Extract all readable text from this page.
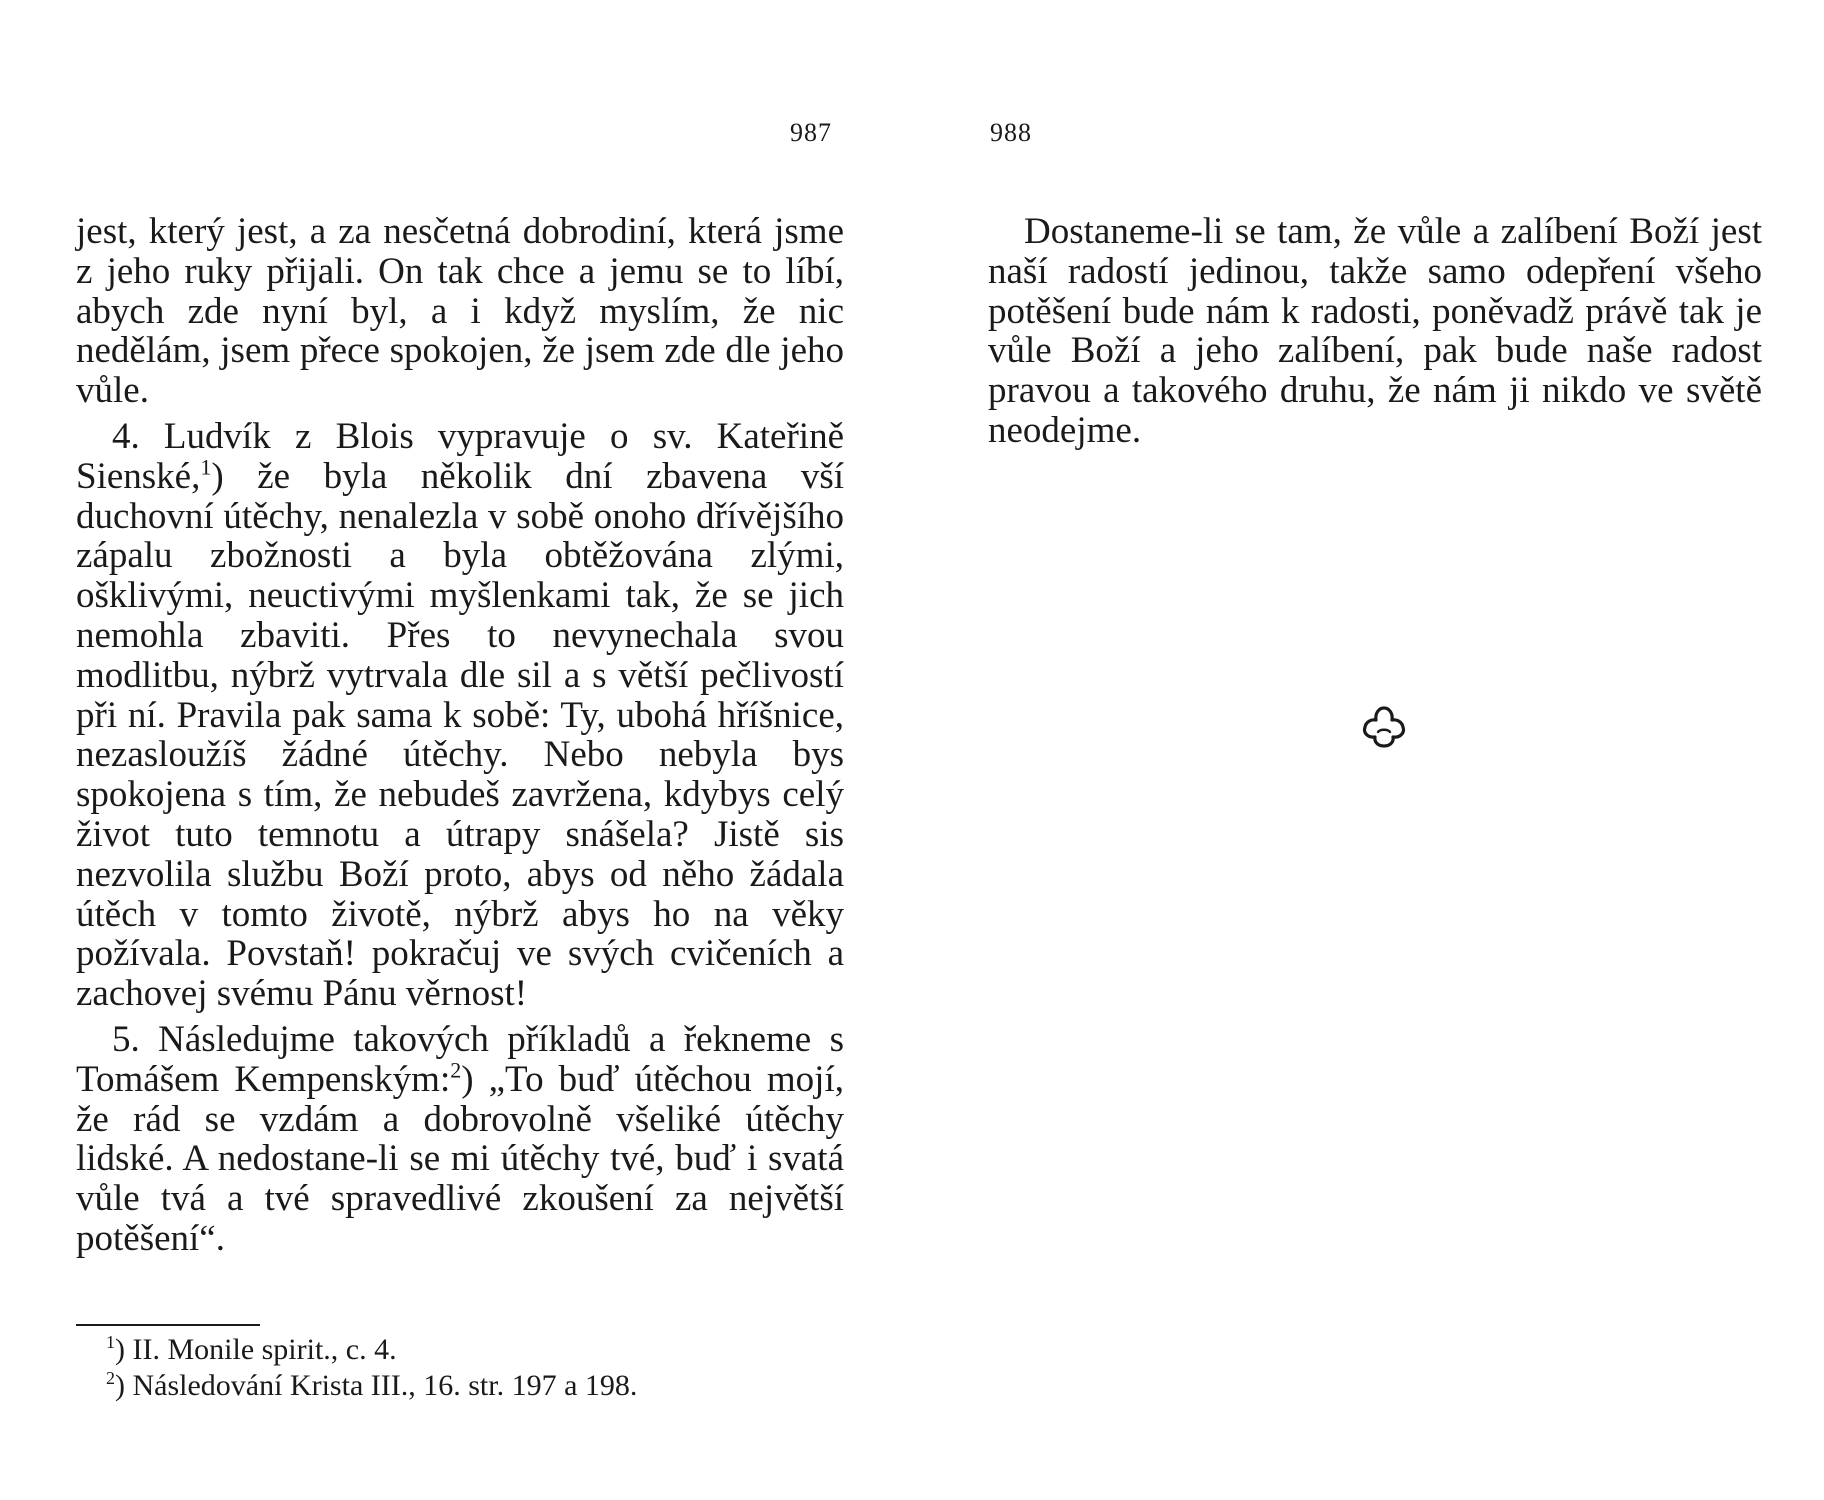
987	988

jest, který jest, a za nesčetná dobrodiní, která jsme z jeho ruky přijali. On tak chce a jemu se to líbí, abych zde nyní byl, a i když myslím, že nic nedělám, jsem přece spokojen, že jsem zde dle jeho vůle.

4. Ludvík z Blois vypravuje o sv. Kateřině Sienské,$^1$) že byla několik dní zbavena vší duchovní útěchy, nenalezla v sobě onoho dřívějšího zápalu zbožnosti a byla obtěžována zlými, ošklivými, neuctivými myšlenkami tak, že se jich nemohla zbaviti. Přes to nevynechala svou modlitbu, nýbrž vytrvala dle sil a s větší pečlivostí při ní. Pravila pak sama k sobě: Ty, ubohá hříšnice, nezasloužíš žádné útěchy. Nebo nebyla bys spokojena s tím, že nebudeš zavržena, kdybys celý život tuto temnotu a útrapy snášela? Jistě sis nezvolila službu Boží proto, abys od něho žádala útěch v tomto životě, nýbrž abys ho na věky požívala. Povstaň! pokračuj ve svých cvičeních a zachovej svému Pánu věrnost!

5. Následujme takových příkladů a řekneme s Tomášem Kempenským:$^2$) „To buď útěchou mojí, že rád se vzdám a dobrovolně všeliké útěchy lidské. A nedostane-li se mi útěchy tvé, buď i svatá vůle tvá a tvé spravedlivé zkoušení za největší potěšení“.

$^1$) II. Monile spirit., c. 4.

$^2$) Následování Krista III., 16. str. 197 a 198.

Dostaneme-li se tam, že vůle a zalíbení Boží jest naší radostí jedinou, takže samo odepření všeho potěšení bude nám k radosti, poněvadž právě tak je vůle Boží a jeho zalíbení, pak bude naše radost pravou a takového druhu, že nám ji nikdo ve světě neodejme.
